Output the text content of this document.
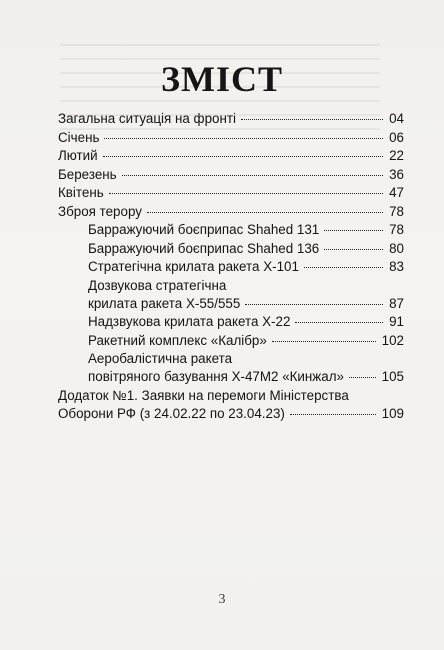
ЗМІСТ
Загальна ситуація на фронті	04
Січень	06
Лютий	22
Березень	36
Квітень	47
Зброя терору	78
Барражуючий боєприпас Shahed 131	78
Барражуючий боєприпас Shahed 136	80
Стратегічна крилата ракета Х-101	83
Дозвукова стратегічна
крилата ракета Х-55/555	87
Надзвукова крилата ракета Х-22	91
Ракетний комплекс «Калібр»	102
Аеробалістична ракета
повітряного базування Х-47М2 «Кинжал»	105
Додаток №1. Заявки на перемоги Міністерства
Оборони РФ (з 24.02.22 по 23.04.23)	109
3
